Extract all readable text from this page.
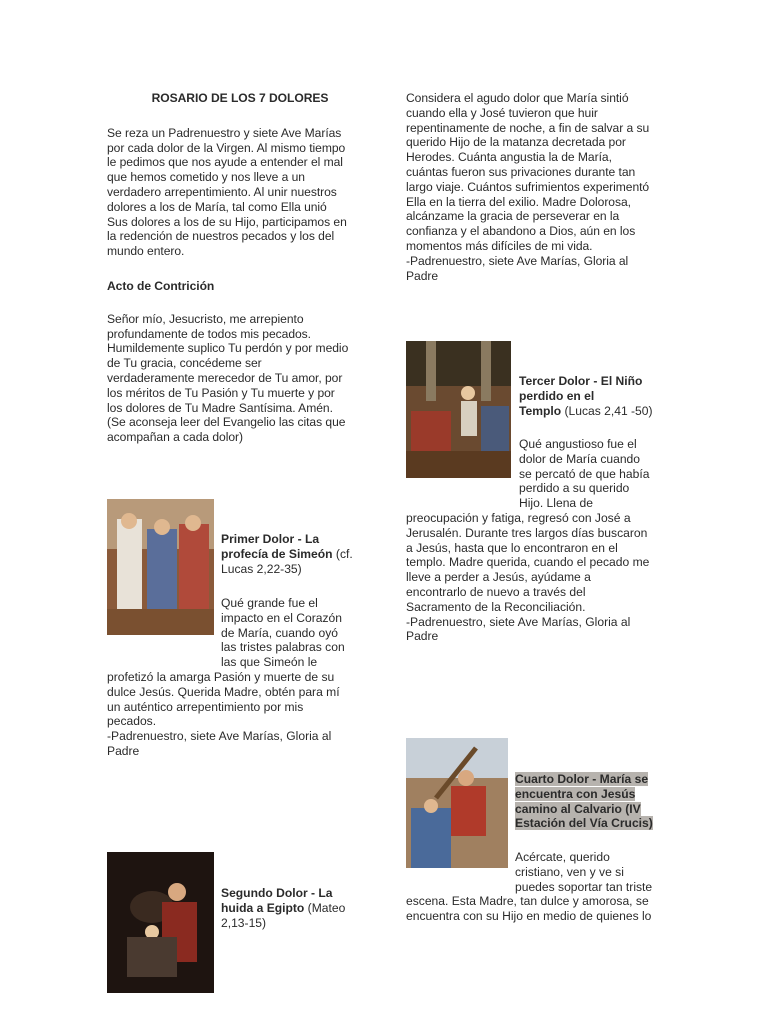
ROSARIO DE LOS 7 DOLORES

Se reza un Padrenuestro y siete Ave Marías
por cada dolor de la Virgen. Al mismo tiempo
le pedimos que nos ayude a entender el mal
que hemos cometido y nos lleve a un
verdadero arrepentimiento. Al unir nuestros
dolores a los de María, tal como Ella unió
Sus dolores a los de su Hijo, participamos en
la redención de nuestros pecados y los del
mundo entero.

Acto de Contrición

Señor mío, Jesucristo, me arrepiento
profundamente de todos mis pecados.
Humildemente suplico Tu perdón y por medio
de Tu gracia, concédeme ser
verdaderamente merecedor de Tu amor, por
los méritos de Tu Pasión y Tu muerte y por
los dolores de Tu Madre Santísima. Amén.
(Se aconseja leer del Evangelio las citas que
acompañan a cada dolor)

Primer Dolor - La
profecía de Simeón (cf.
Lucas 2,22-35)

Qué grande fue el
impacto en el Corazón
de María, cuando oyó
las tristes palabras con
las que Simeón le

profetizó la amarga Pasión y muerte de su
dulce Jesús. Querida Madre, obtén para mí
un auténtico arrepentimiento por mis
pecados.
-Padrenuestro, siete Ave Marías, Gloria al
Padre

Segundo Dolor - La
huida a Egipto (Mateo
2,13-15)

Considera el agudo dolor que María sintió
cuando ella y José tuvieron que huir
repentinamente de noche, a fin de salvar a su
querido Hijo de la matanza decretada por
Herodes. Cuánta angustia la de María,
cuántas fueron sus privaciones durante tan
largo viaje. Cuántos sufrimientos experimentó
Ella en la tierra del exilio. Madre Dolorosa,
alcánzame la gracia de perseverar en la
confianza y el abandono a Dios, aún en los
momentos más difíciles de mi vida.
-Padrenuestro, siete Ave Marías, Gloria al
Padre

Tercer Dolor - El Niño
perdido en el
Templo (Lucas 2,41 -50)

Qué angustioso fue el
dolor de María cuando
se percató de que había
perdido a su querido
Hijo. Llena de

preocupación y fatiga, regresó con José a
Jerusalén. Durante tres largos días buscaron
a Jesús, hasta que lo encontraron en el
templo. Madre querida, cuando el pecado me
lleve a perder a Jesús, ayúdame a
encontrarlo de nuevo a través del
Sacramento de la Reconciliación.
-Padrenuestro, siete Ave Marías, Gloria al
Padre

Cuarto Dolor - María se
encuentra con Jesús
camino al Calvario (IV
Estación del Vía Crucis)

Acércate, querido
cristiano, ven y ve si
puedes soportar tan triste

escena. Esta Madre, tan dulce y amorosa, se
encuentra con su Hijo en medio de quienes lo
